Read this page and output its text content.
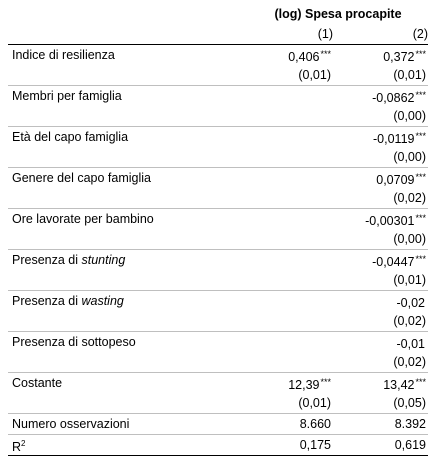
	(log) Spesa procapite	
	(1)	(2)
Indice di resilienza	0,406***	0,372***
	(0,01)	(0,01)
Membri per famiglia		-0,0862***
		(0,00)
Età del capo famiglia		-0,0119***
		(0,00)
Genere del capo famiglia		0,0709***
		(0,02)
Ore lavorate per bambino		-0,00301***
		(0,00)
Presenza di stunting		-0,0447***
		(0,01)
Presenza di wasting		-0,02
		(0,02)
Presenza di sottopeso		-0,01
		(0,02)
Costante	12,39***	13,42***
	(0,01)	(0,05)
Numero osservazioni	8.660	8.392
$R^2$	0,175	0,619
